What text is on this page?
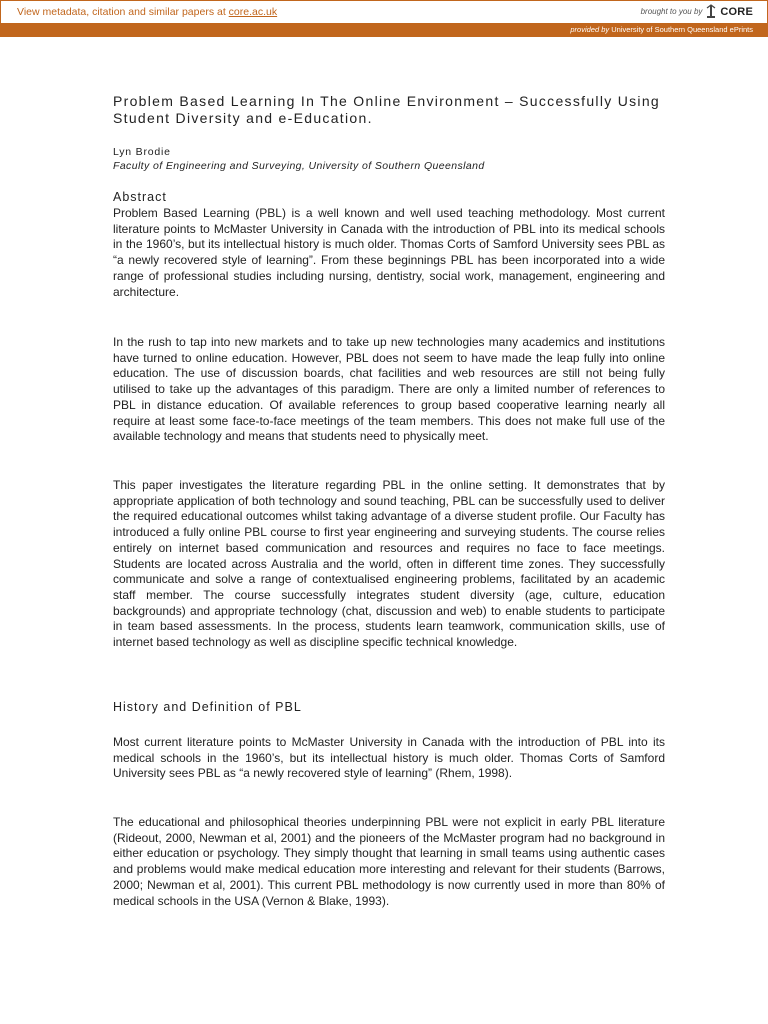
View metadata, citation and similar papers at core.ac.uk	brought to you by CORE
provided by University of Southern Queensland ePrints
Problem Based Learning In The Online Environment – Successfully Using Student Diversity and e-Education.
Lyn Brodie
Faculty of Engineering and Surveying, University of Southern Queensland
Abstract
Problem Based Learning (PBL) is a well known and well used teaching methodology. Most current literature points to McMaster University in Canada with the introduction of PBL into its medical schools in the 1960’s, but its intellectual history is much older. Thomas Corts of Samford University sees PBL as “a newly recovered style of learning”. From these beginnings PBL has been incorporated into a wide range of professional studies including nursing, dentistry, social work, management, engineering and architecture.
In the rush to tap into new markets and to take up new technologies many academics and institutions have turned to online education. However, PBL does not seem to have made the leap fully into online education. The use of discussion boards, chat facilities and web resources are still not being fully utilised to take up the advantages of this paradigm. There are only a limited number of references to PBL in distance education. Of available references to group based cooperative learning nearly all require at least some face-to-face meetings of the team members. This does not make full use of the available technology and means that students need to physically meet.
This paper investigates the literature regarding PBL in the online setting. It demonstrates that by appropriate application of both technology and sound teaching, PBL can be successfully used to deliver the required educational outcomes whilst taking advantage of a diverse student profile. Our Faculty has introduced a fully online PBL course to first year engineering and surveying students. The course relies entirely on internet based communication and resources and requires no face to face meetings. Students are located across Australia and the world, often in different time zones. They successfully communicate and solve a range of contextualised engineering problems, facilitated by an academic staff member. The course successfully integrates student diversity (age, culture, education backgrounds) and appropriate technology (chat, discussion and web) to enable students to participate in team based assessments. In the process, students learn teamwork, communication skills, use of internet based technology as well as discipline specific technical knowledge.
History and Definition of PBL
Most current literature points to McMaster University in Canada with the introduction of PBL into its medical schools in the 1960’s, but its intellectual history is much older. Thomas Corts of Samford University sees PBL as “a newly recovered style of learning” (Rhem, 1998).
The educational and philosophical theories underpinning PBL were not explicit in early PBL literature (Rideout, 2000, Newman et al, 2001) and the pioneers of the McMaster program had no background in either education or psychology. They simply thought that learning in small teams using authentic cases and problems would make medical education more interesting and relevant for their students (Barrows, 2000; Newman et al, 2001). This current PBL methodology is now currently used in more than 80% of medical schools in the USA (Vernon & Blake, 1993).
